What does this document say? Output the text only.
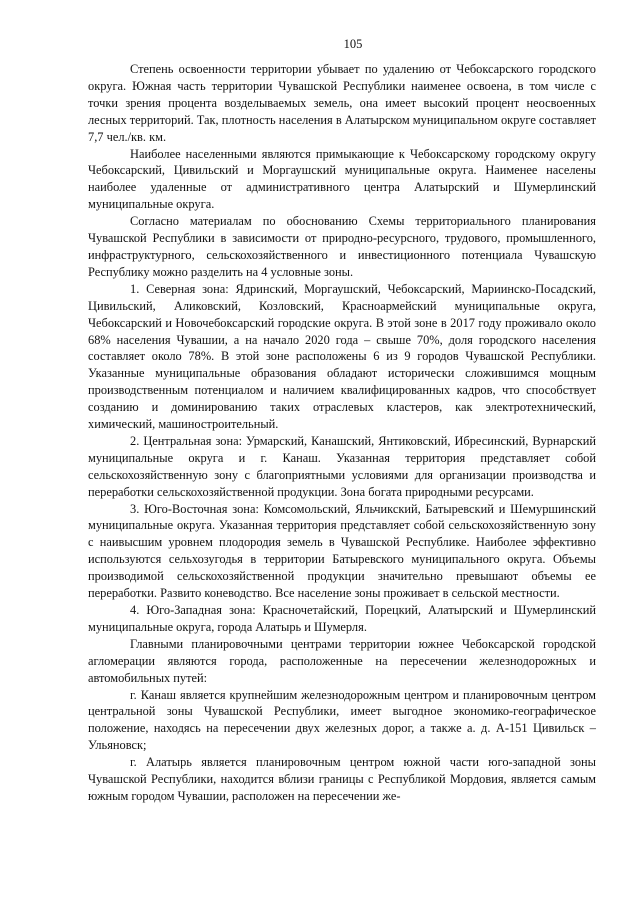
105

Степень освоенности территории убывает по удалению от Чебоксарского городского округа. Южная часть территории Чувашской Республики наименее освоена, в том числе с точки зрения процента возделываемых земель, она имеет высокий процент неосвоенных лесных территорий. Так, плотность населения в Алатырском муниципальном округе составляет 7,7 чел./кв. км.

Наиболее населенными являются примыкающие к Чебоксарскому городскому округу Чебоксарский, Цивильский и Моргаушский муниципальные округа. Наименее населены наиболее удаленные от административного центра Алатырский и Шумерлинский муниципальные округа.

Согласно материалам по обоснованию Схемы территориального планирования Чувашской Республики в зависимости от природно-ресурсного, трудового, промышленного, инфраструктурного, сельскохозяйственного и инвестиционного потенциала Чувашскую Республику можно разделить на 4 условные зоны.

1. Северная зона: Ядринский, Моргаушский, Чебоксарский, Мариинско-Посадский, Цивильский, Аликовский, Козловский, Красноармейский муниципальные округа, Чебоксарский и Новочебоксарский городские округа. В этой зоне в 2017 году проживало около 68% населения Чувашии, а на начало 2020 года – свыше 70%, доля городского населения составляет около 78%. В этой зоне расположены 6 из 9 городов Чувашской Республики. Указанные муниципальные образования обладают исторически сложившимся мощным производственным потенциалом и наличием квалифицированных кадров, что способствует созданию и доминированию таких отраслевых кластеров, как электротехнический, химический, машиностроительный.

2. Центральная зона: Урмарский, Канашский, Янтиковский, Ибресинский, Вурнарский муниципальные округа и г. Канаш. Указанная территория представляет собой сельскохозяйственную зону с благоприятными условиями для организации производства и переработки сельскохозяйственной продукции. Зона богата природными ресурсами.

3. Юго-Восточная зона: Комсомольский, Яльчикский, Батыревский и Шемуршинский муниципальные округа. Указанная территория представляет собой сельскохозяйственную зону с наивысшим уровнем плодородия земель в Чувашской Республике. Наиболее эффективно используются сельхозугодья в территории Батыревского муниципального округа. Объемы производимой сельскохозяйственной продукции значительно превышают объемы ее переработки. Развито коневодство. Все население зоны проживает в сельской местности.

4. Юго-Западная зона: Красночетайский, Порецкий, Алатырский и Шумерлинский муниципальные округа, города Алатырь и Шумерля.

Главными планировочными центрами территории южнее Чебоксарской городской агломерации являются города, расположенные на пересечении железнодорожных и автомобильных путей:

г. Канаш является крупнейшим железнодорожным центром и планировочным центром центральной зоны Чувашской Республики, имеет выгодное экономико-географическое положение, находясь на пересечении двух железных дорог, а также а. д. А-151 Цивильск – Ульяновск;

г. Алатырь является планировочным центром южной части юго-западной зоны Чувашской Республики, находится вблизи границы с Республикой Мордовия, является самым южным городом Чувашии, расположен на пересечении же-
